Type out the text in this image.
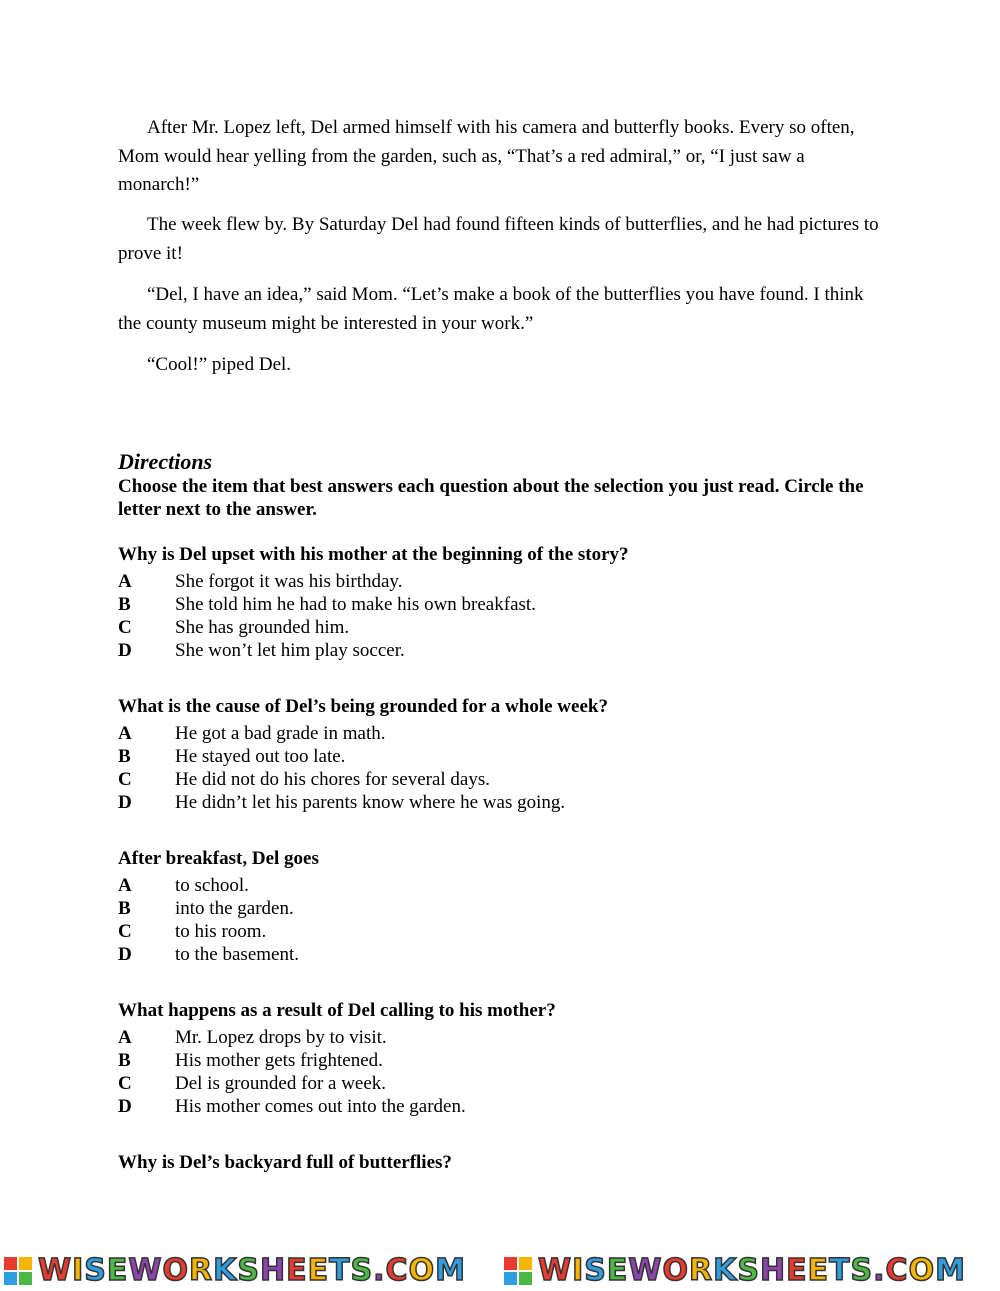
After Mr. Lopez left, Del armed himself with his camera and butterfly books. Every so often, Mom would hear yelling from the garden, such as, “That’s a red admiral,” or, “I just saw a monarch!”

The week flew by. By Saturday Del had found fifteen kinds of butterflies, and he had pictures to prove it!

“Del, I have an idea,” said Mom. “Let’s make a book of the butterflies you have found. I think the county museum might be interested in your work.”

“Cool!” piped Del.

Directions

Choose the item that best answers each question about the selection you just read. Circle the letter next to the answer.

Why is Del upset with his mother at the beginning of the story?

A	She forgot it was his birthday.
B	She told him he had to make his own breakfast.
C	She has grounded him.
D	She won’t let him play soccer.

What is the cause of Del’s being grounded for a whole week?

A	He got a bad grade in math.
B	He stayed out too late.
C	He did not do his chores for several days.
D	He didn’t let his parents know where he was going.

After breakfast, Del goes

A	to school.
B	into the garden.
C	to his room.
D	to the basement.

What happens as a result of Del calling to his mother?

A	Mr. Lopez drops by to visit.
B	His mother gets frightened.
C	Del is grounded for a week.
D	His mother comes out into the garden.

Why is Del’s backyard full of butterflies?

WISEWORKSHEETS.COM WISEWORKSHEETS.COM
